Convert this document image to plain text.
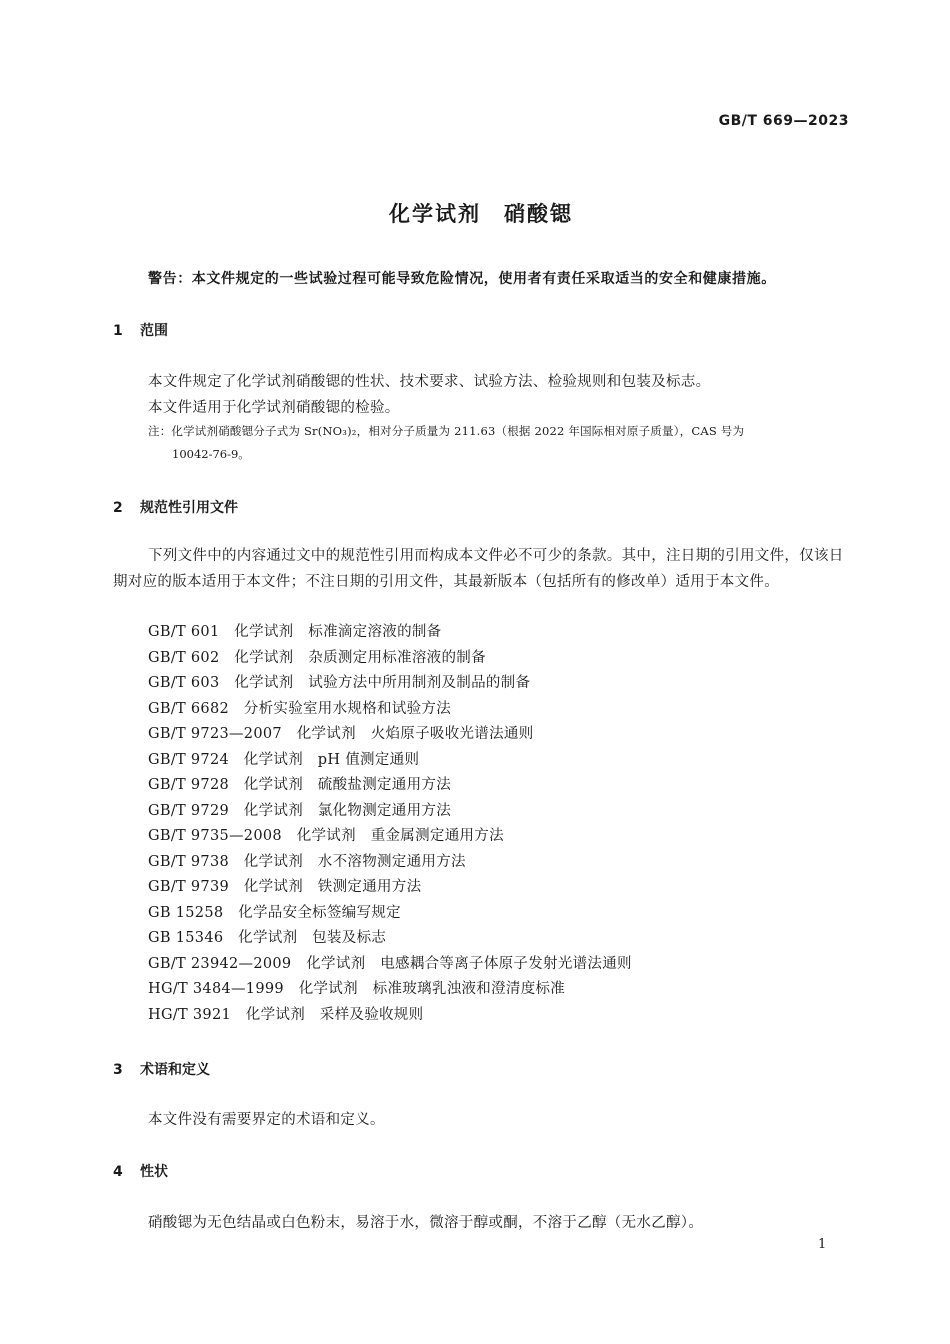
GB/T 669—2023
化学试剂　硝酸锶
警告：本文件规定的一些试验过程可能导致危险情况，使用者有责任采取适当的安全和健康措施。
1 范围
本文件规定了化学试剂硝酸锶的性状、技术要求、试验方法、检验规则和包装及标志。
本文件适用于化学试剂硝酸锶的检验。
注：化学试剂硝酸锶分子式为 Sr(NO₃)₂，相对分子质量为 211.63（根据 2022 年国际相对原子质量），CAS 号为
10042-76-9。
2 规范性引用文件
下列文件中的内容通过文中的规范性引用而构成本文件必不可少的条款。其中，注日期的引用文件，仅该日期对应的版本适用于本文件；不注日期的引用文件，其最新版本（包括所有的修改单）适用于本文件。
GB/T 601　化学试剂　标准滴定溶液的制备
GB/T 602　化学试剂　杂质测定用标准溶液的制备
GB/T 603　化学试剂　试验方法中所用制剂及制品的制备
GB/T 6682　分析实验室用水规格和试验方法
GB/T 9723—2007　化学试剂　火焰原子吸收光谱法通则
GB/T 9724　化学试剂　pH 值测定通则
GB/T 9728　化学试剂　硫酸盐测定通用方法
GB/T 9729　化学试剂　氯化物测定通用方法
GB/T 9735—2008　化学试剂　重金属测定通用方法
GB/T 9738　化学试剂　水不溶物测定通用方法
GB/T 9739　化学试剂　铁测定通用方法
GB 15258　化学品安全标签编写规定
GB 15346　化学试剂　包装及标志
GB/T 23942—2009　化学试剂　电感耦合等离子体原子发射光谱法通则
HG/T 3484—1999　化学试剂　标准玻璃乳浊液和澄清度标准
HG/T 3921　化学试剂　采样及验收规则
3 术语和定义
本文件没有需要界定的术语和定义。
4 性状
硝酸锶为无色结晶或白色粉末，易溶于水，微溶于醇或酮，不溶于乙醇（无水乙醇）。
1
